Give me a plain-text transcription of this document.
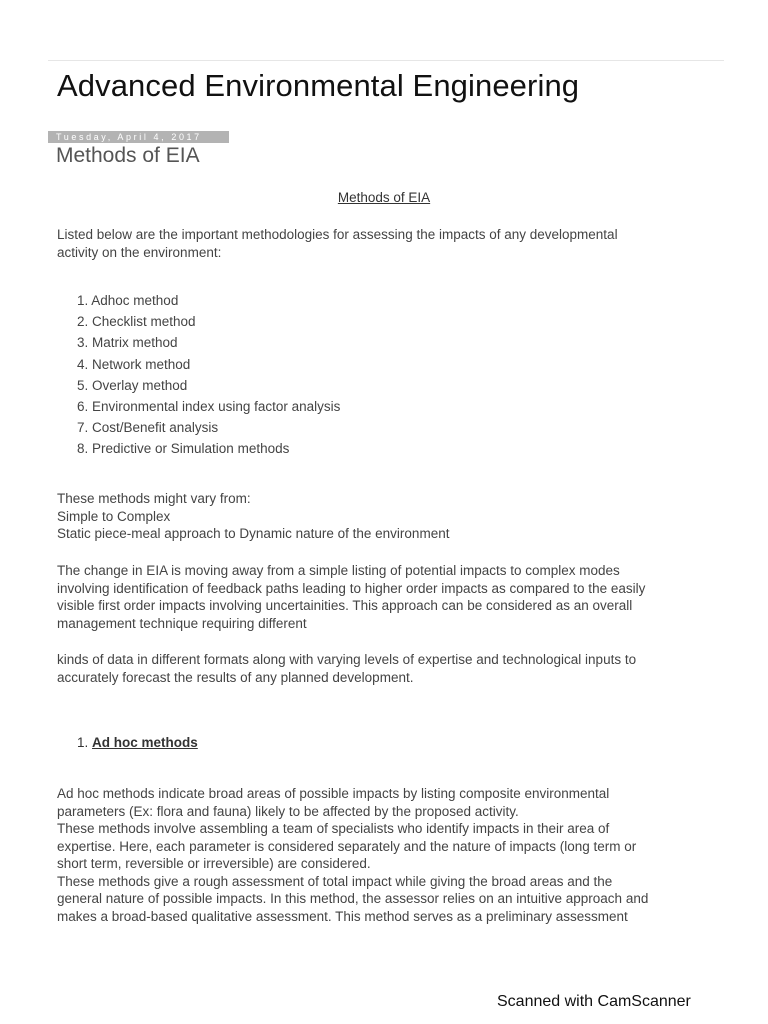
Advanced Environmental Engineering
Tuesday, April 4, 2017
Methods of EIA
Methods of EIA

Listed below are the important methodologies for assessing the impacts of any developmental
activity on the environment:

1. Adhoc method
2. Checklist method
3. Matrix method
4. Network method
5. Overlay method
6. Environmental index using factor analysis
7. Cost/Benefit analysis
8. Predictive or Simulation methods

These methods might vary from:
Simple to Complex
Static piece-meal approach to Dynamic nature of the environment

The change in EIA is moving away from a simple listing of potential impacts to complex modes
involving identification of feedback paths leading to higher order impacts as compared to the easily
visible first order impacts involving uncertainities. This approach can be considered as an overall
management technique requiring different

kinds of data in different formats along with varying levels of expertise and technological inputs to
accurately forecast the results of any planned development.

1. Ad hoc methods

Ad hoc methods indicate broad areas of possible impacts by listing composite environmental
parameters (Ex: flora and fauna) likely to be affected by the proposed activity.
These methods involve assembling a team of specialists who identify impacts in their area of
expertise. Here, each parameter is considered separately and the nature of impacts (long term or
short term, reversible or irreversible) are considered.
These methods give a rough assessment of total impact while giving the broad areas and the
general nature of possible impacts. In this method, the assessor relies on an intuitive approach and
makes a broad-based qualitative assessment. This method serves as a preliminary assessment

Scanned with CamScanner
